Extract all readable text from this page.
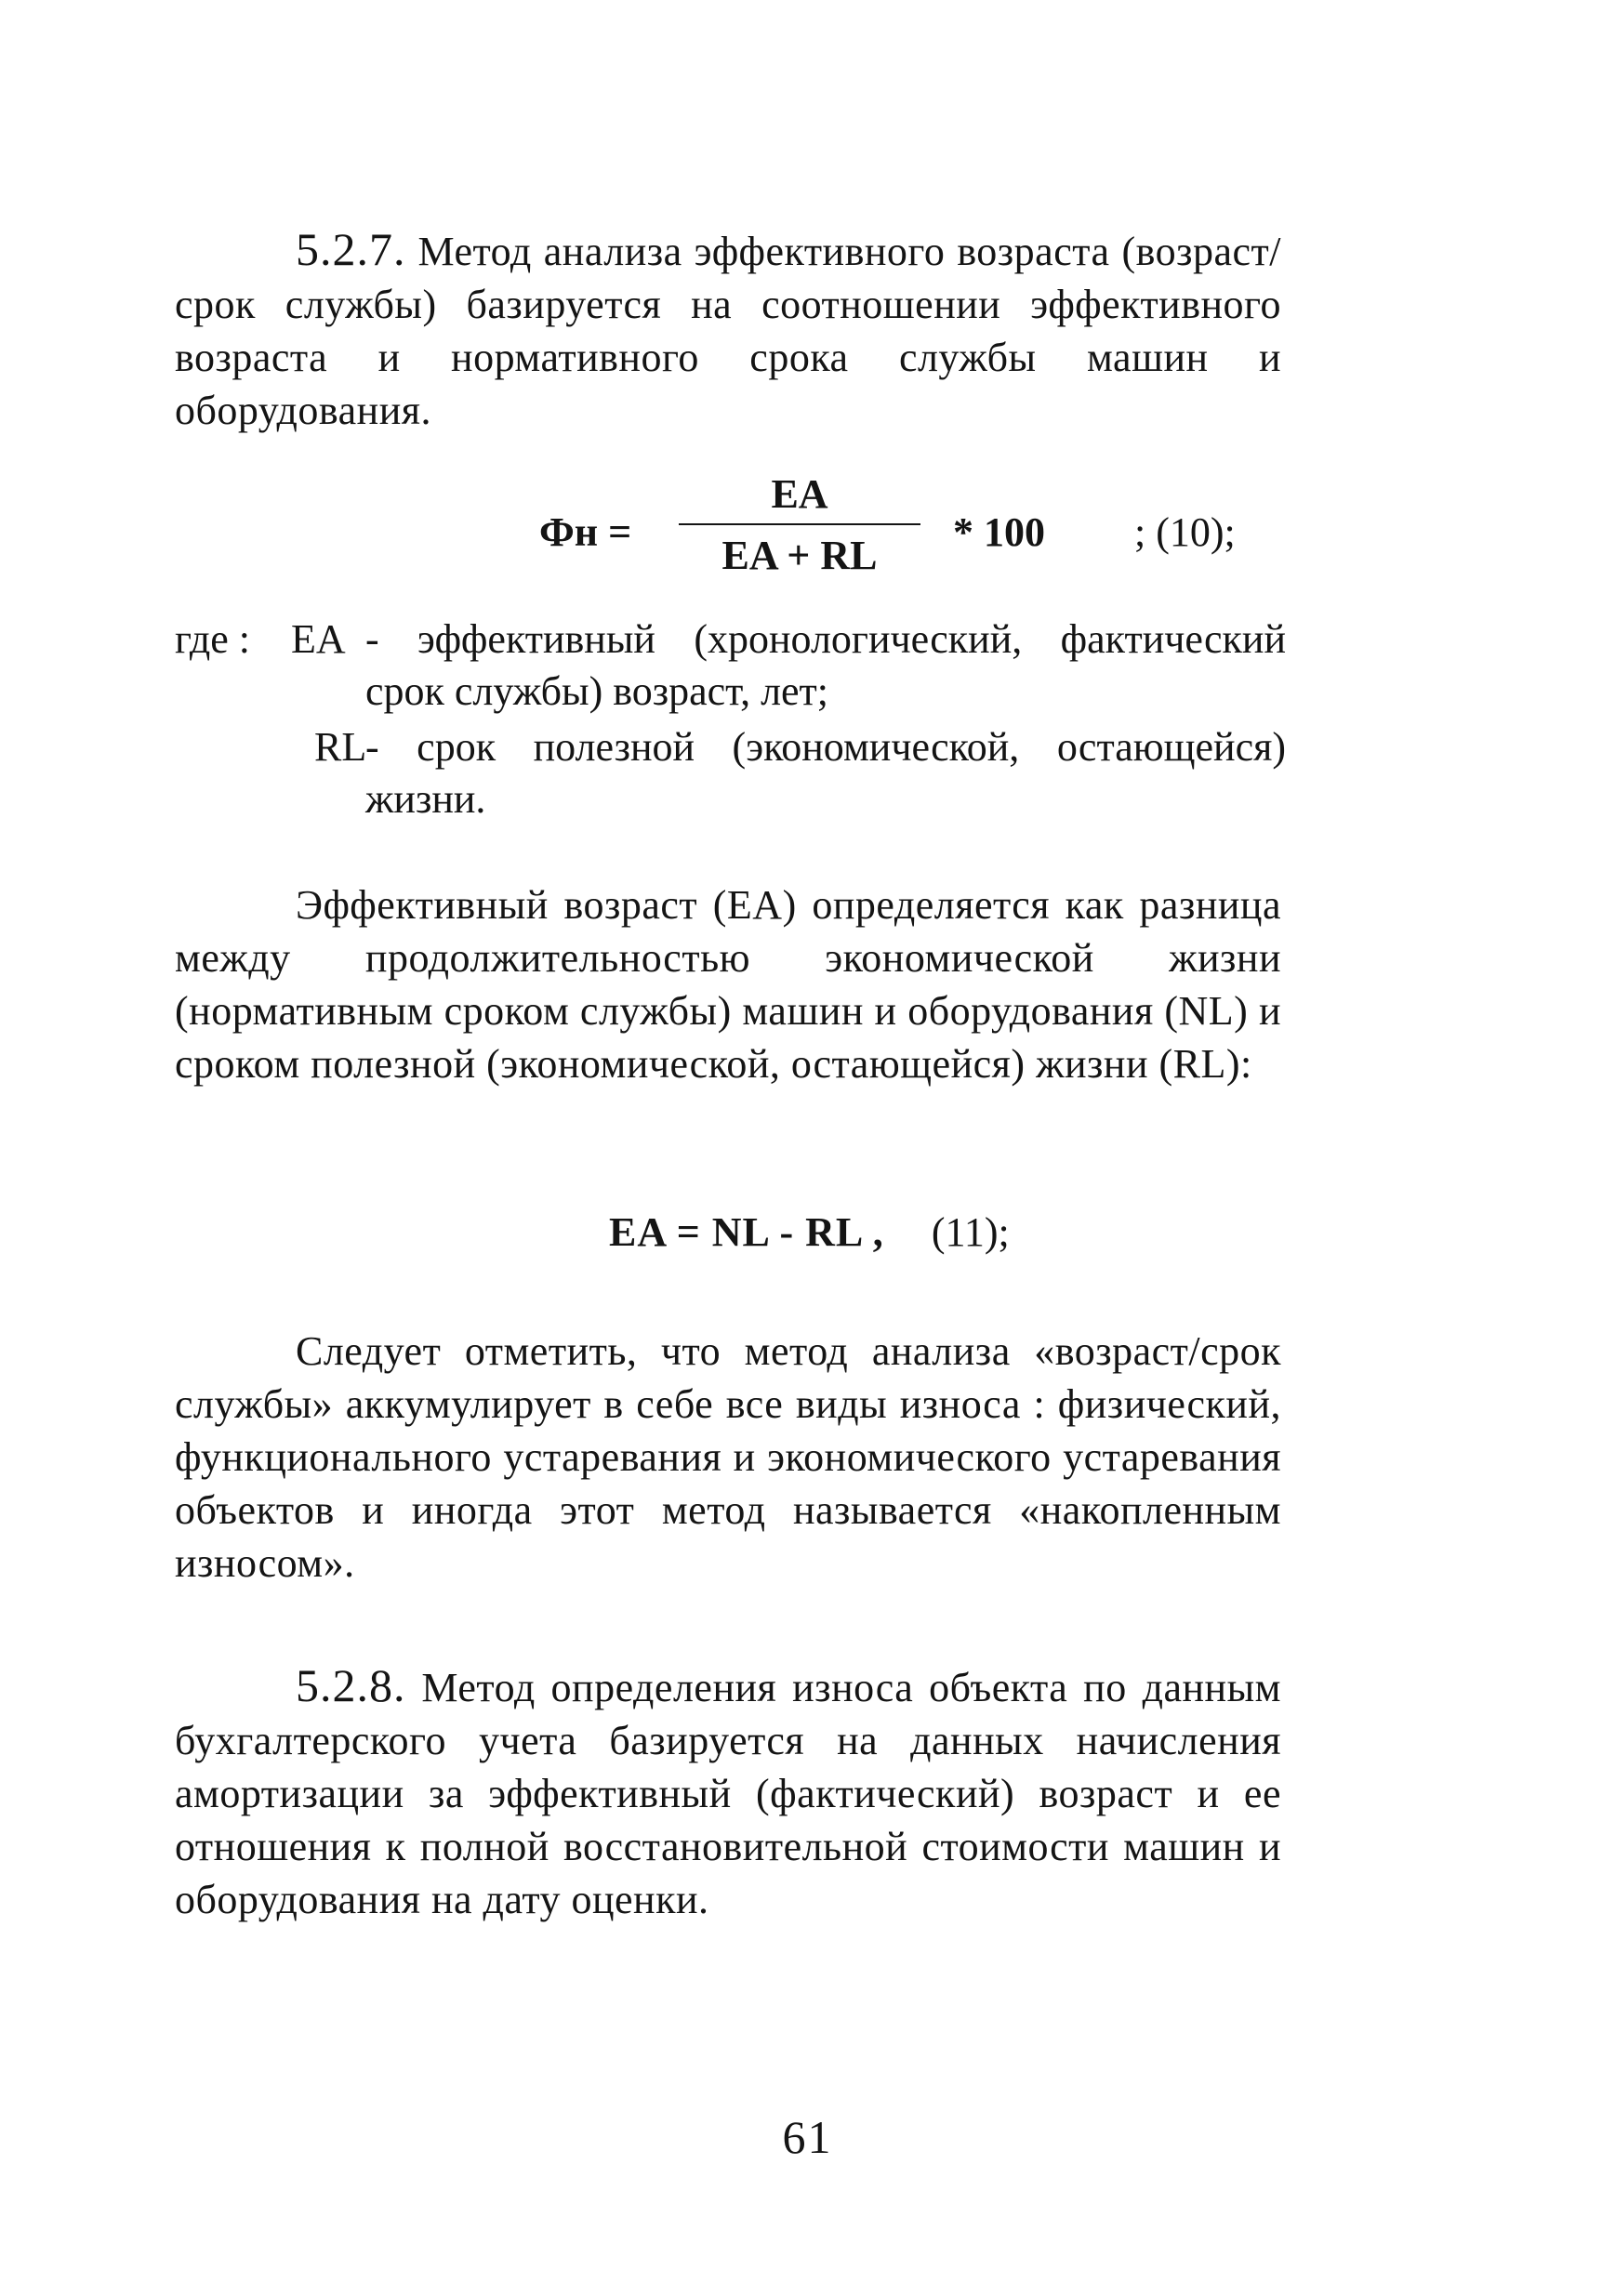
5.2.7. Метод анализа эффективного возраста (возраст/срок службы) базируется на соотношении эффективного возраста и нормативного срока службы машин и оборудования.
Фн =
EA
EA + RL
* 100 ; (10);
где : EA - эффективный (хронологический, фактический срок службы) возраст, лет;
RL
- срок полезной (экономической, остающейся) жизни.
Эффективный возраст (EA) определяется как разница между продолжительностью экономической жизни (нормативным сроком службы) машин и оборудования (NL) и сроком полезной (экономической, остающейся) жизни (RL):
EA = NL - RL , (11);
Следует отметить, что метод анализа «возраст/срок службы» аккумулирует в себе все виды износа : физический, функционального устаревания и экономического устаревания объектов и иногда этот метод называется «накопленным износом».
5.2.8. Метод определения износа объекта по данным бухгалтерского учета базируется на данных начисления амортизации за эффективный (фактический) возраст и ее отношения к полной восстановительной стоимости машин и оборудования на дату оценки.
61
